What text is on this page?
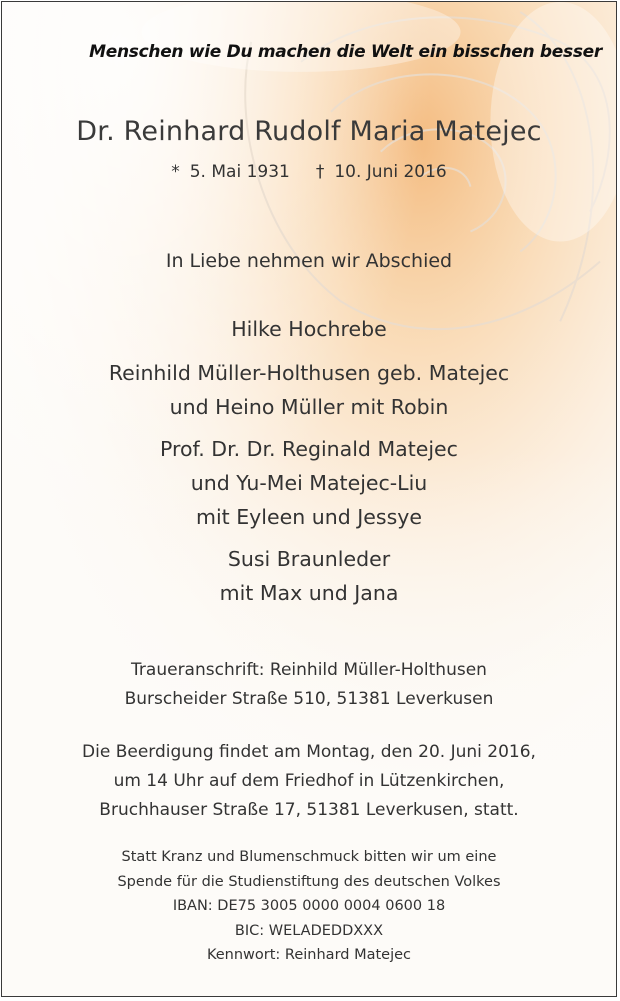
Menschen wie Du machen die Welt ein bisschen besser
Dr. Reinhard Rudolf Maria Matejec
* 5. Mai 1931 † 10. Juni 2016
In Liebe nehmen wir Abschied
Hilke Hochrebe
Reinhild Müller-Holthusen geb. Matejec
und Heino Müller mit Robin
Prof. Dr. Dr. Reginald Matejec
und Yu-Mei Matejec-Liu
mit Eyleen und Jessye
Susi Braunleder
mit Max und Jana
Traueranschrift: Reinhild Müller-Holthusen
Burscheider Straße 510, 51381 Leverkusen
Die Beerdigung findet am Montag, den 20. Juni 2016,
um 14 Uhr auf dem Friedhof in Lützenkirchen,
Bruchhauser Straße 17, 51381 Leverkusen, statt.
Statt Kranz und Blumenschmuck bitten wir um eine
Spende für die Studienstiftung des deutschen Volkes
IBAN: DE75 3005 0000 0004 0600 18
BIC: WELADEDDXXX
Kennwort: Reinhard Matejec
